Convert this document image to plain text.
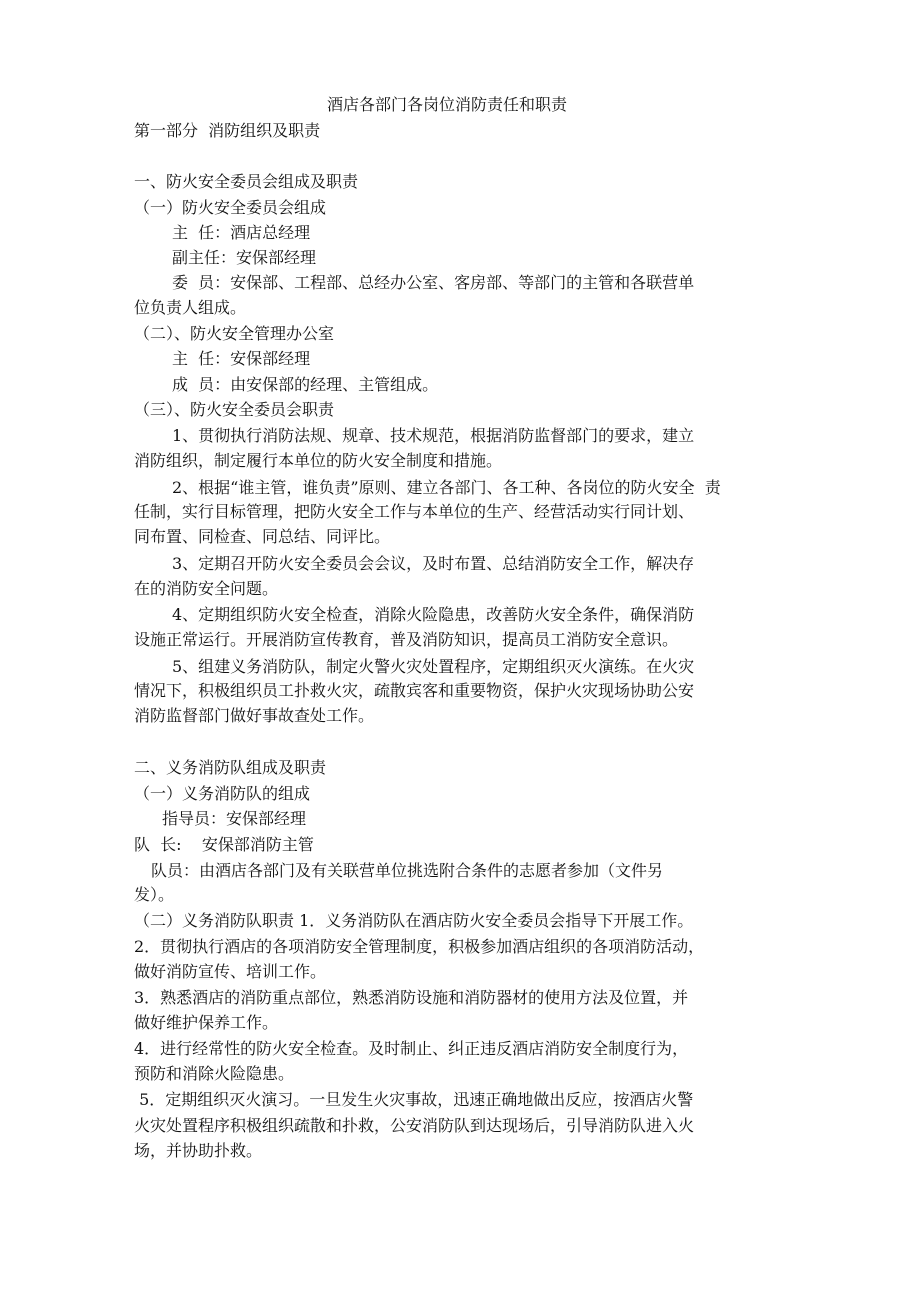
酒店各部门各岗位消防责任和职责
第一部分  消防组织及职责
一、防火安全委员会组成及职责
（一）防火安全委员会组成
主  任：酒店总经理
副主任：安保部经理
委  员：安保部、工程部、总经办公室、客房部、等部门的主管和各联营单
位负责人组成。
（二）、防火安全管理办公室
主  任：安保部经理
成  员：由安保部的经理、主管组成。
（三）、防火安全委员会职责
1、贯彻执行消防法规、规章、技术规范，根据消防监督部门的要求，建立
消防组织，制定履行本单位的防火安全制度和措施。
2、根据“谁主管，谁负责”原则、建立各部门、各工种、各岗位的防火安全  责
任制，实行目标管理，把防火安全工作与本单位的生产、经营活动实行同计划、
同布置、同检查、同总结、同评比。
3、定期召开防火安全委员会会议，及时布置、总结消防安全工作，解决存
在的消防安全问题。
4、定期组织防火安全检查，消除火险隐患，改善防火安全条件，确保消防
设施正常运行。开展消防宣传教育，普及消防知识，提高员工消防安全意识。
5、组建义务消防队，制定火警火灾处置程序，定期组织灭火演练。在火灾
情况下，积极组织员工扑救火灾，疏散宾客和重要物资，保护火灾现场协助公安
消防监督部门做好事故查处工作。
二、义务消防队组成及职责
（一）义务消防队的组成
指导员：安保部经理
队  长:    安保部消防主管
队员：由酒店各部门及有关联营单位挑选附合条件的志愿者参加（文件另
发）。
（二）义务消防队职责 1．义务消防队在酒店防火安全委员会指导下开展工作。
2．贯彻执行酒店的各项消防安全管理制度，积极参加酒店组织的各项消防活动，
做好消防宣传、培训工作。
3．熟悉酒店的消防重点部位，熟悉消防设施和消防器材的使用方法及位置，并
做好维护保养工作。
4．进行经常性的防火安全检查。及时制止、纠正违反酒店消防安全制度行为，
预防和消除火险隐患。
5．定期组织灭火演习。一旦发生火灾事故，迅速正确地做出反应，按酒店火警
火灾处置程序积极组织疏散和扑救，公安消防队到达现场后，引导消防队进入火
场，并协助扑救。
